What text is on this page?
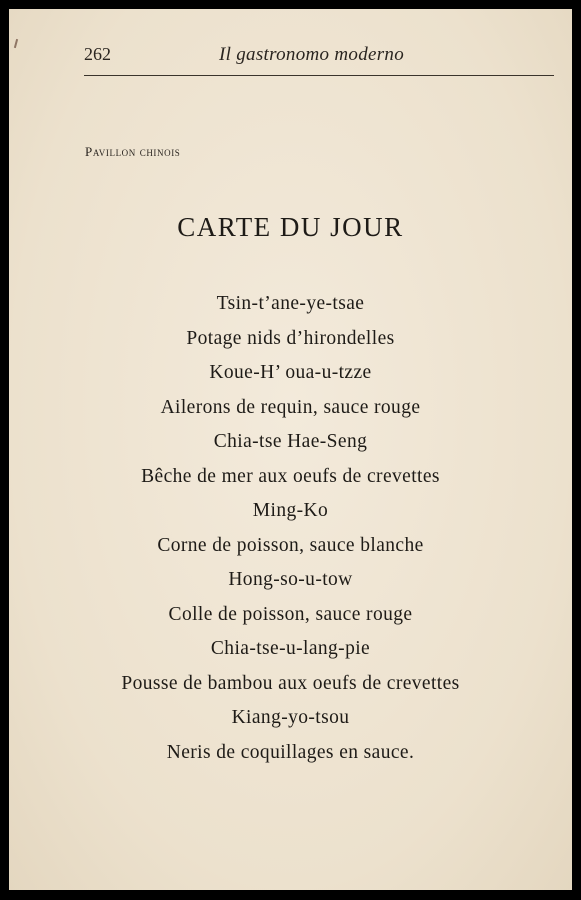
262	Il gastronomo moderno
Pavillon chinois
CARTE DU JOUR
Tsin-t’ane-ye-tsae
Potage nids d’hirondelles
Koue-H’ oua-u-tzze
Ailerons de requin, sauce rouge
Chia-tse Hae-Seng
Bêche de mer aux oeufs de crevettes
Ming-Ko
Corne de poisson, sauce blanche
Hong-so-u-tow
Colle de poisson, sauce rouge
Chia-tse-u-lang-pie
Pousse de bambou aux oeufs de crevettes
Kiang-yo-tsou
Neris de coquillages en sauce.
